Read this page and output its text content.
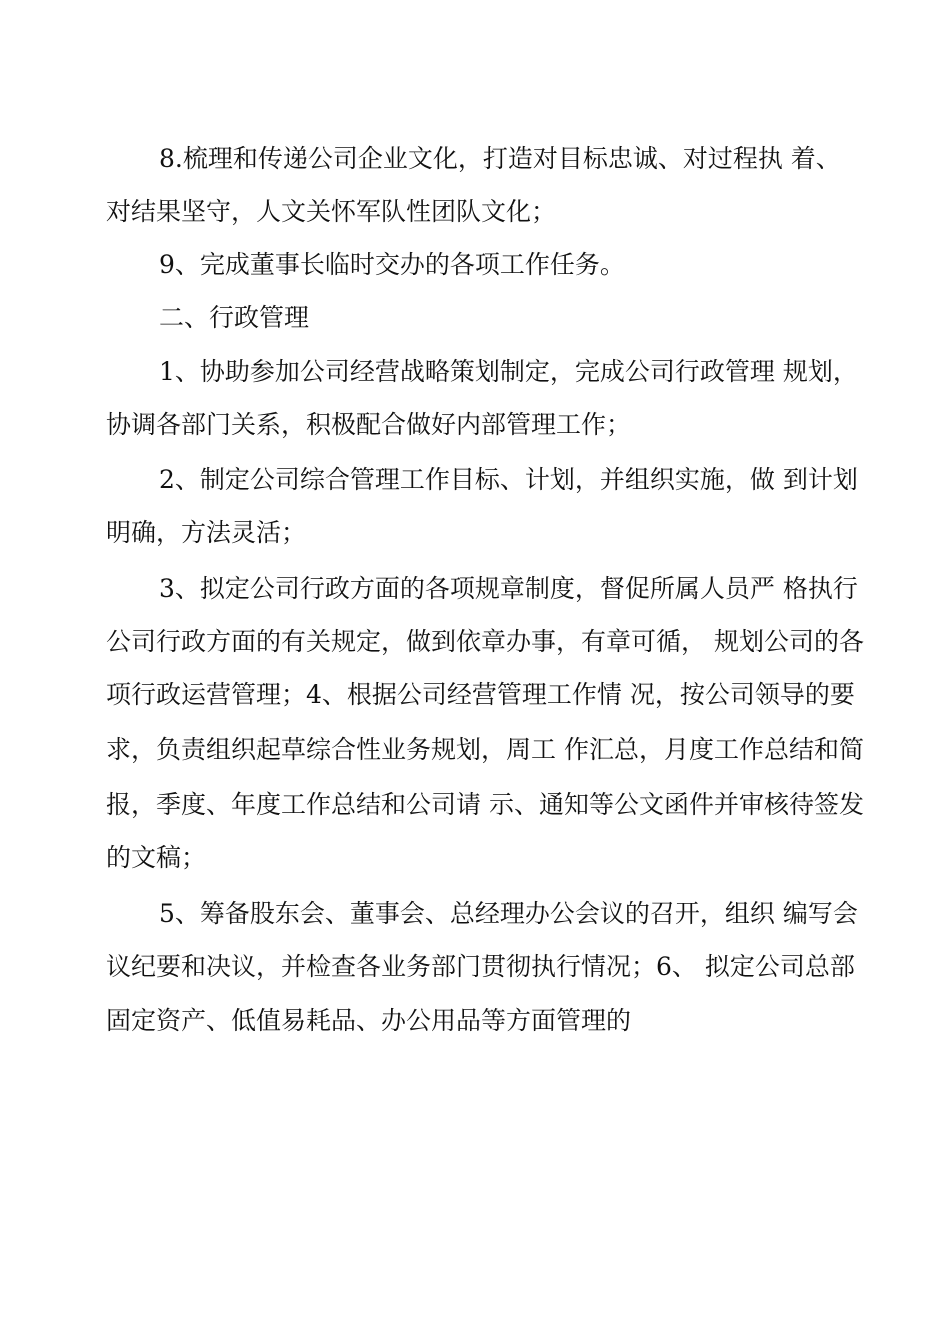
8.梳理和传递公司企业文化，打造对目标忠诚、对过程执 着、
对结果坚守，人文关怀军队性团队文化；
9、完成董事长临时交办的各项工作任务。
二、行政管理
1、协助参加公司经营战略策划制定，完成公司行政管理 规划，
协调各部门关系，积极配合做好内部管理工作；
2、制定公司综合管理工作目标、计划，并组织实施，做 到计划
明确，方法灵活；
3、拟定公司行政方面的各项规章制度，督促所属人员严 格执行
公司行政方面的有关规定，做到依章办事，有章可循， 规划公司的各
项行政运营管理；4、根据公司经营管理工作情 况，按公司领导的要
求，负责组织起草综合性业务规划，周工 作汇总，月度工作总结和简
报，季度、年度工作总结和公司请 示、通知等公文函件并审核待签发
的文稿；
5、筹备股东会、董事会、总经理办公会议的召开，组织 编写会
议纪要和决议，并检查各业务部门贯彻执行情况；6、 拟定公司总部
固定资产、低值易耗品、办公用品等方面管理的
